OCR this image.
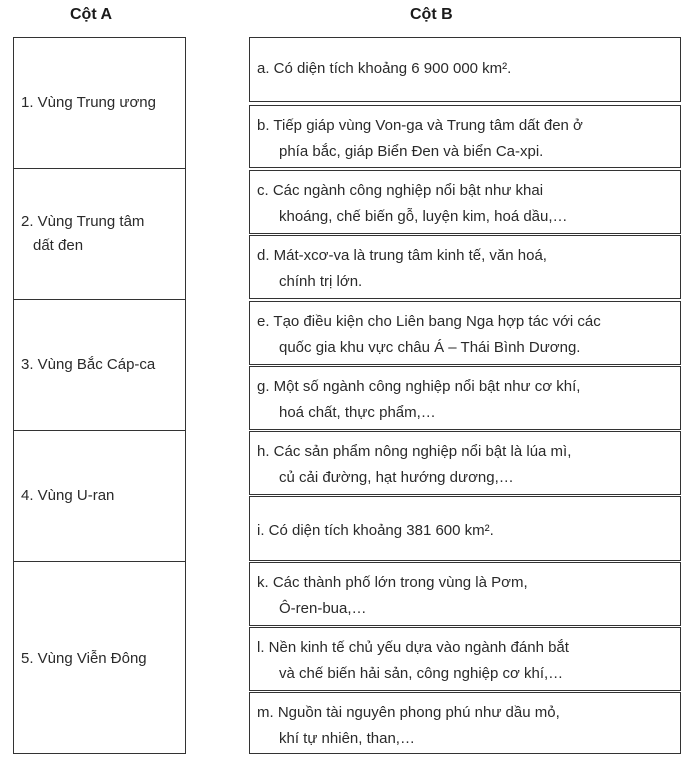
Cột A	Cột B
1. Vùng Trung ương
2. Vùng Trung tâm
dất đen
3. Vùng Bắc Cáp-ca
4. Vùng U-ran
5. Vùng Viễn Đông
a. Có diện tích khoảng 6 900 000 km².
b. Tiếp giáp vùng Von-ga và Trung tâm dất đen ở
phía bắc, giáp Biển Đen và biển Ca-xpi.
c. Các ngành công nghiệp nổi bật như khai
khoáng, chế biến gỗ, luyện kim, hoá dầu,…
d. Mát-xcơ-va là trung tâm kinh tế, văn hoá,
chính trị lớn.
e. Tạo điều kiện cho Liên bang Nga hợp tác với các
quốc gia khu vực châu Á – Thái Bình Dương.
g. Một số ngành công nghiệp nổi bật như cơ khí,
hoá chất, thực phẩm,…
h. Các sản phẩm nông nghiệp nổi bật là lúa mì,
củ cải đường, hạt hướng dương,…
i. Có diện tích khoảng 381 600 km².
k. Các thành phố lớn trong vùng là Pơm,
Ô-ren-bua,…
l. Nền kinh tế chủ yếu dựa vào ngành đánh bắt
và chế biến hải sản, công nghiệp cơ khí,…
m. Nguồn tài nguyên phong phú như dầu mỏ,
khí tự nhiên, than,…
